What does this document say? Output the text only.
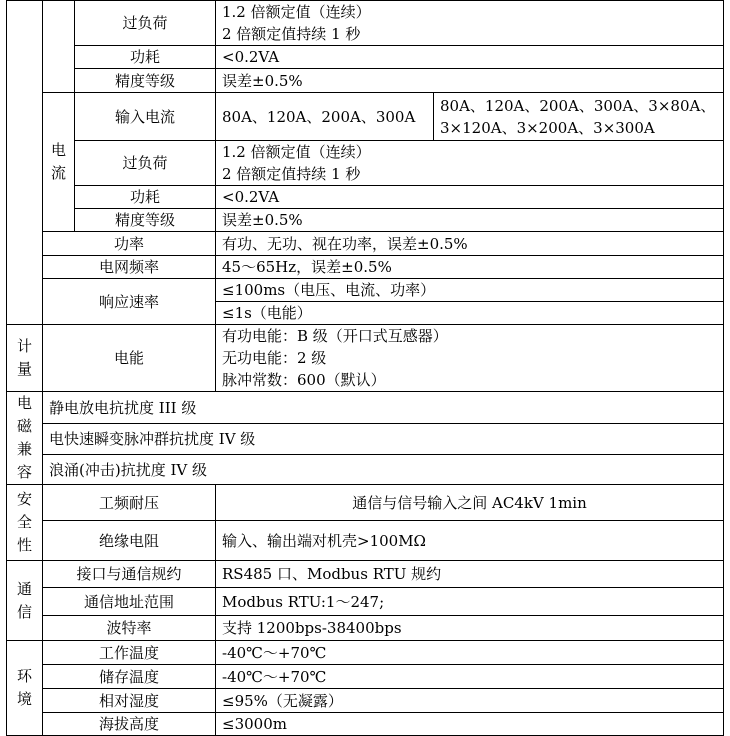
		过负荷	1.2 倍额定值（连续）
2 倍额定值持续 1 秒	

		功耗	<0.2VA	
		精度等级	误差±0.5%	
	电流	输入电流	80A、120A、200A、300A	80A、120A、200A、300A、3×80A、
3×120A、3×200A、3×300A

		过负荷	1.2 倍额定值（连续）
2 倍额定值持续 1 秒	

		功耗	<0.2VA	
		精度等级	误差±0.5%	
	功率		有功、无功、视在功率，误差±0.5%	
	电网频率		45～65Hz，误差±0.5%	
	响应速率		≤100ms（电压、电流、功率）	
			≤1s（电能）	
计量	电能		有功电能：B 级（开口式互感器）
无功电能：2 级
脉冲常数：600（默认）	

电磁兼容	静电放电抗扰度 III 级			
	电快速瞬变脉冲群抗扰度 IV 级			
	浪涌(冲击)抗扰度 IV 级			
安全性	工频耐压		通信与信号输入之间 AC4kV 1min	
	绝缘电阻		输入、输出端对机壳>100MΩ	
通信	接口与通信规约		RS485 口、Modbus RTU 规约	
	通信地址范围		Modbus RTU:1～247;	
	波特率		支持 1200bps-38400bps	
环境	工作温度		-40℃～+70℃	
	储存温度		-40℃～+70℃	
	相对湿度		≤95%（无凝露）	
	海拔高度		≤3000m	
